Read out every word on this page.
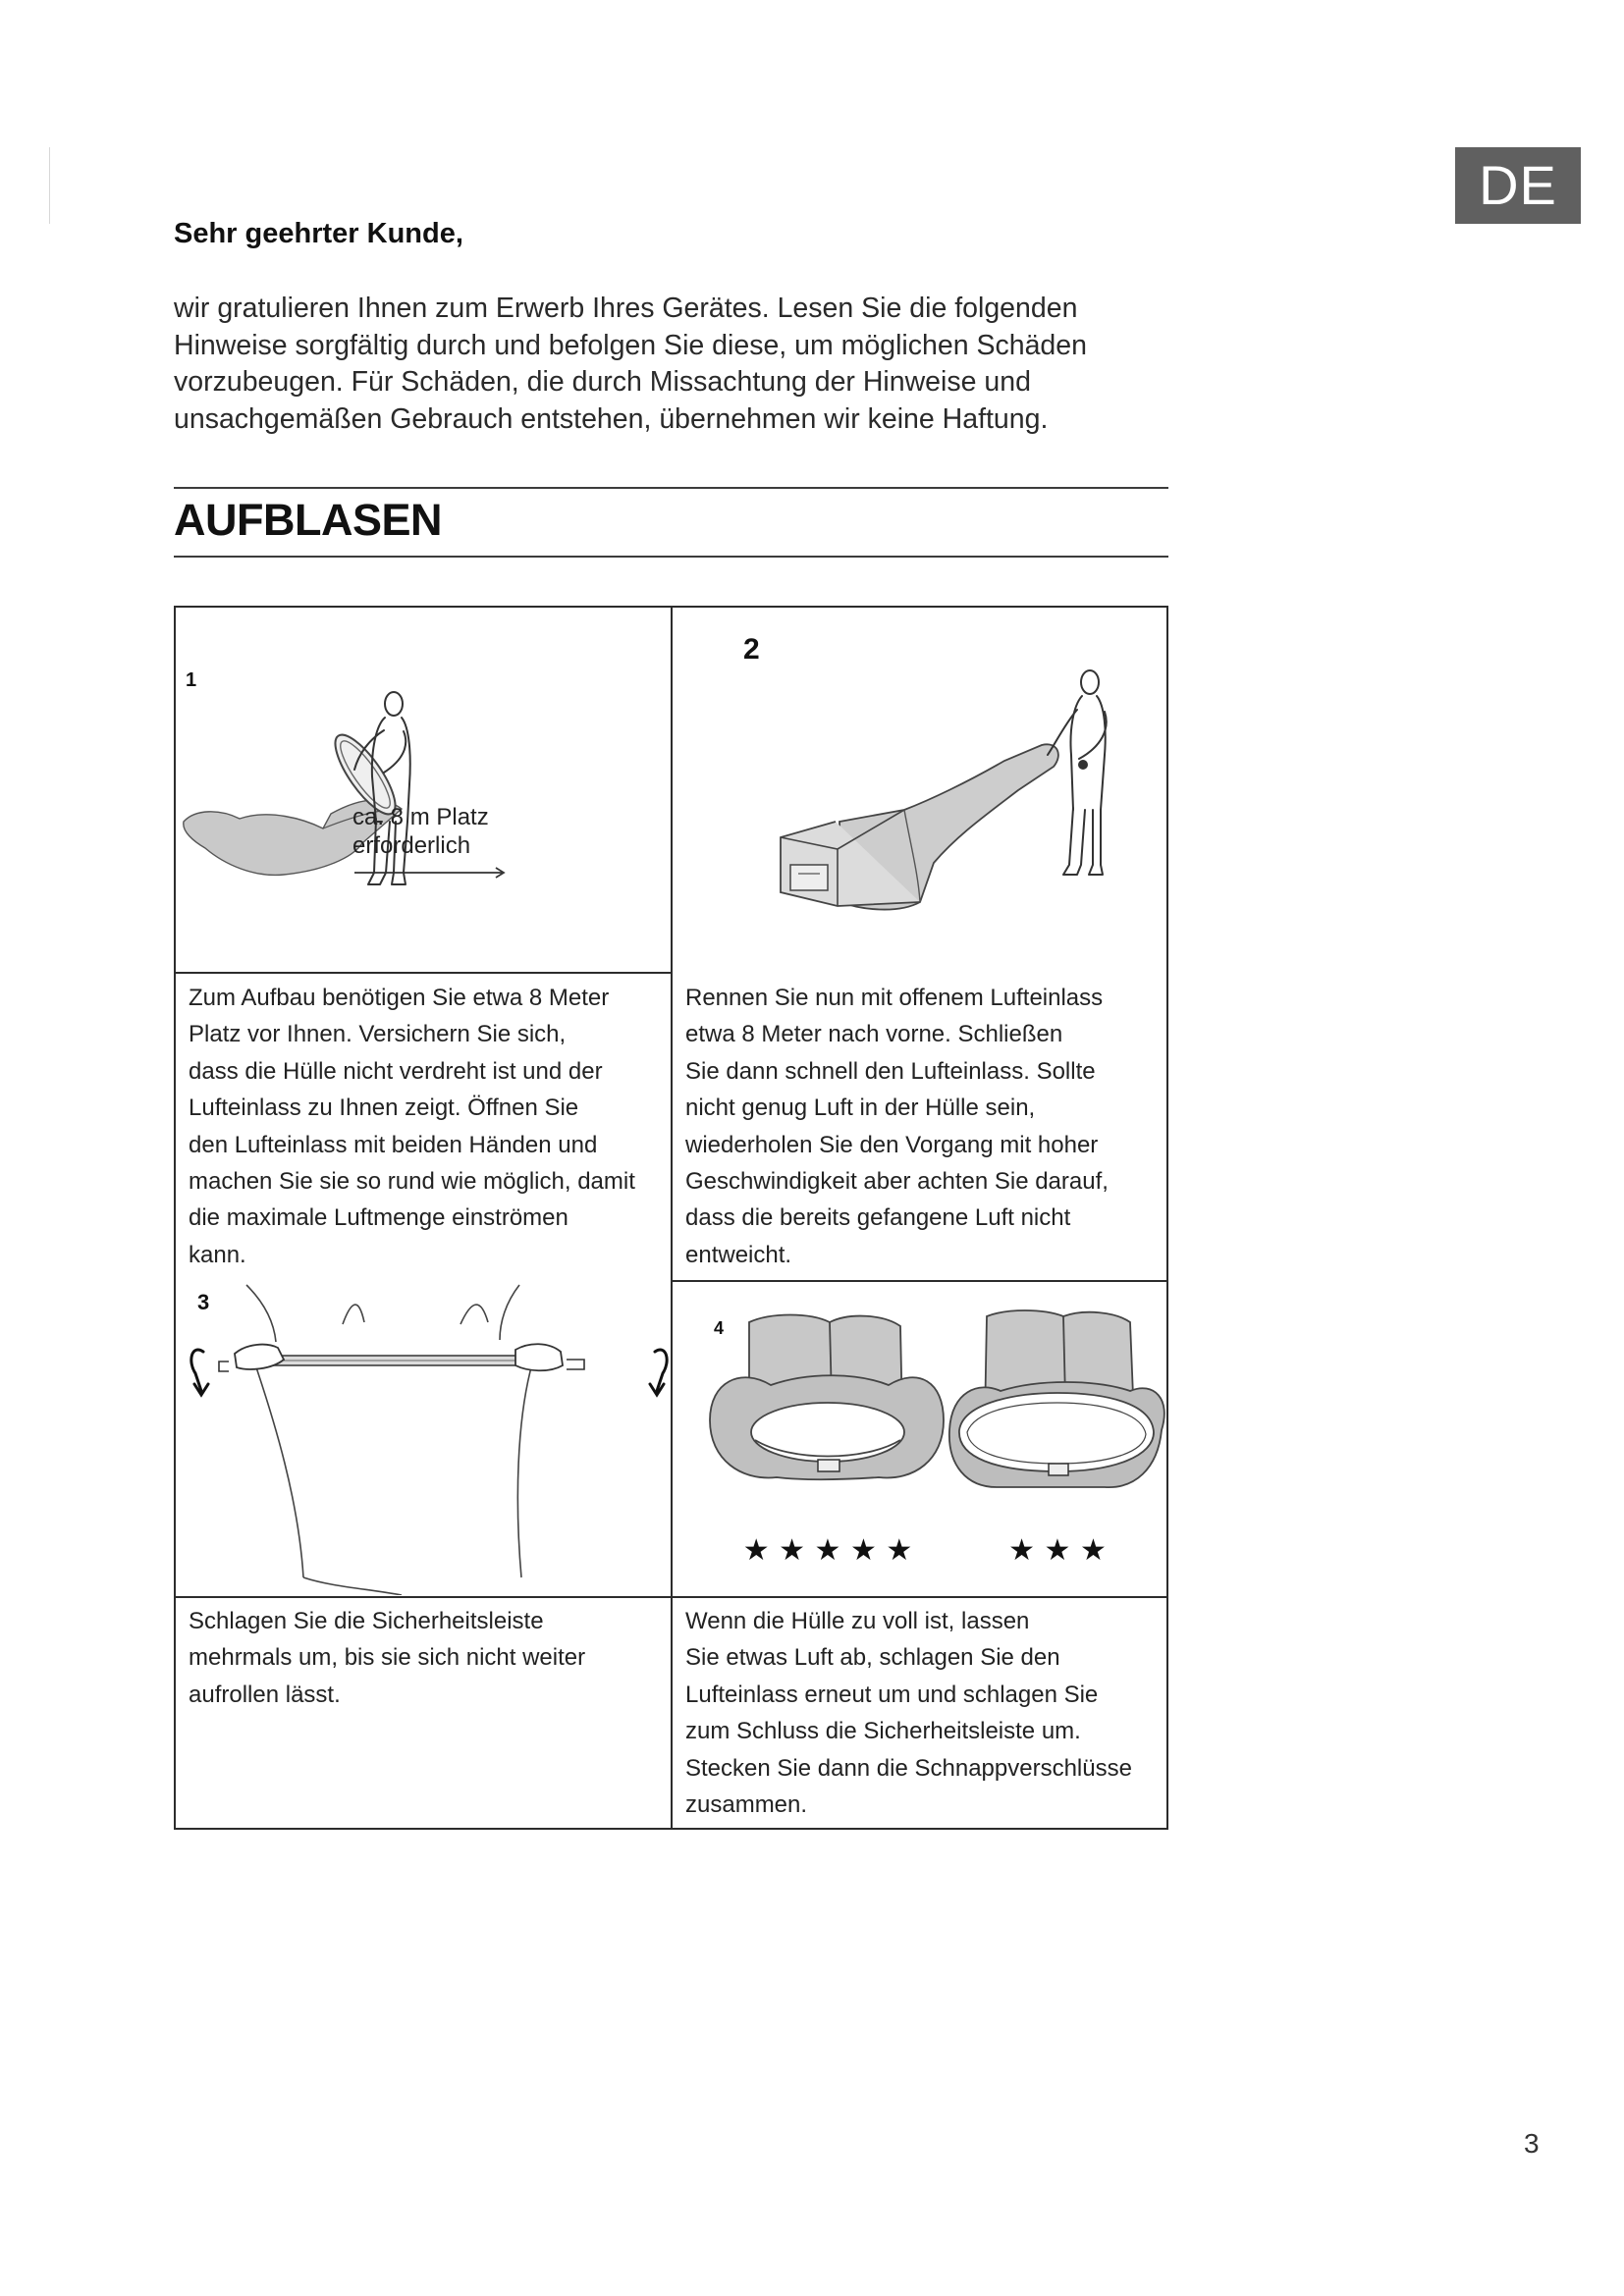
DE
Sehr geehrter Kunde,
wir gratulieren Ihnen zum Erwerb Ihres Gerätes. Lesen Sie die folgenden
Hinweise sorgfältig durch und befolgen Sie diese, um möglichen Schäden
vorzubeugen. Für Schäden, die durch Missachtung der Hinweise und
unsachgemäßen Gebrauch entstehen, übernehmen wir keine Haftung.
AUFBLASEN
1
ca. 8 m Platz
erforderlich

Zum Aufbau benötigen Sie etwa 8 Meter

Platz vor Ihnen. Versichern Sie sich,

dass die Hülle nicht verdreht ist und der

Lufteinlass zu Ihnen zeigt. Öffnen Sie

den Lufteinlass mit beiden Händen und

machen Sie sie so rund wie möglich, damit

die maximale Luftmenge einströmen

kann.

2

Rennen Sie nun mit offenem Lufteinlass

etwa 8 Meter nach vorne. Schließen

Sie dann schnell den Lufteinlass. Sollte

nicht genug Luft in der Hülle sein,

wiederholen Sie den Vorgang mit hoher

Geschwindigkeit aber achten Sie darauf,

dass die bereits gefangene Luft nicht

entweicht.

3
4
★ ★ ★ ★ ★	★ ★ ★

Schlagen Sie die Sicherheitsleiste

mehrmals um, bis sie sich nicht weiter

aufrollen lässt.

Wenn die Hülle zu voll ist, lassen

Sie etwas Luft ab, schlagen Sie den

Lufteinlass erneut um und schlagen Sie

zum Schluss die Sicherheitsleiste um.

Stecken Sie dann die Schnappverschlüsse

zusammen.

3
